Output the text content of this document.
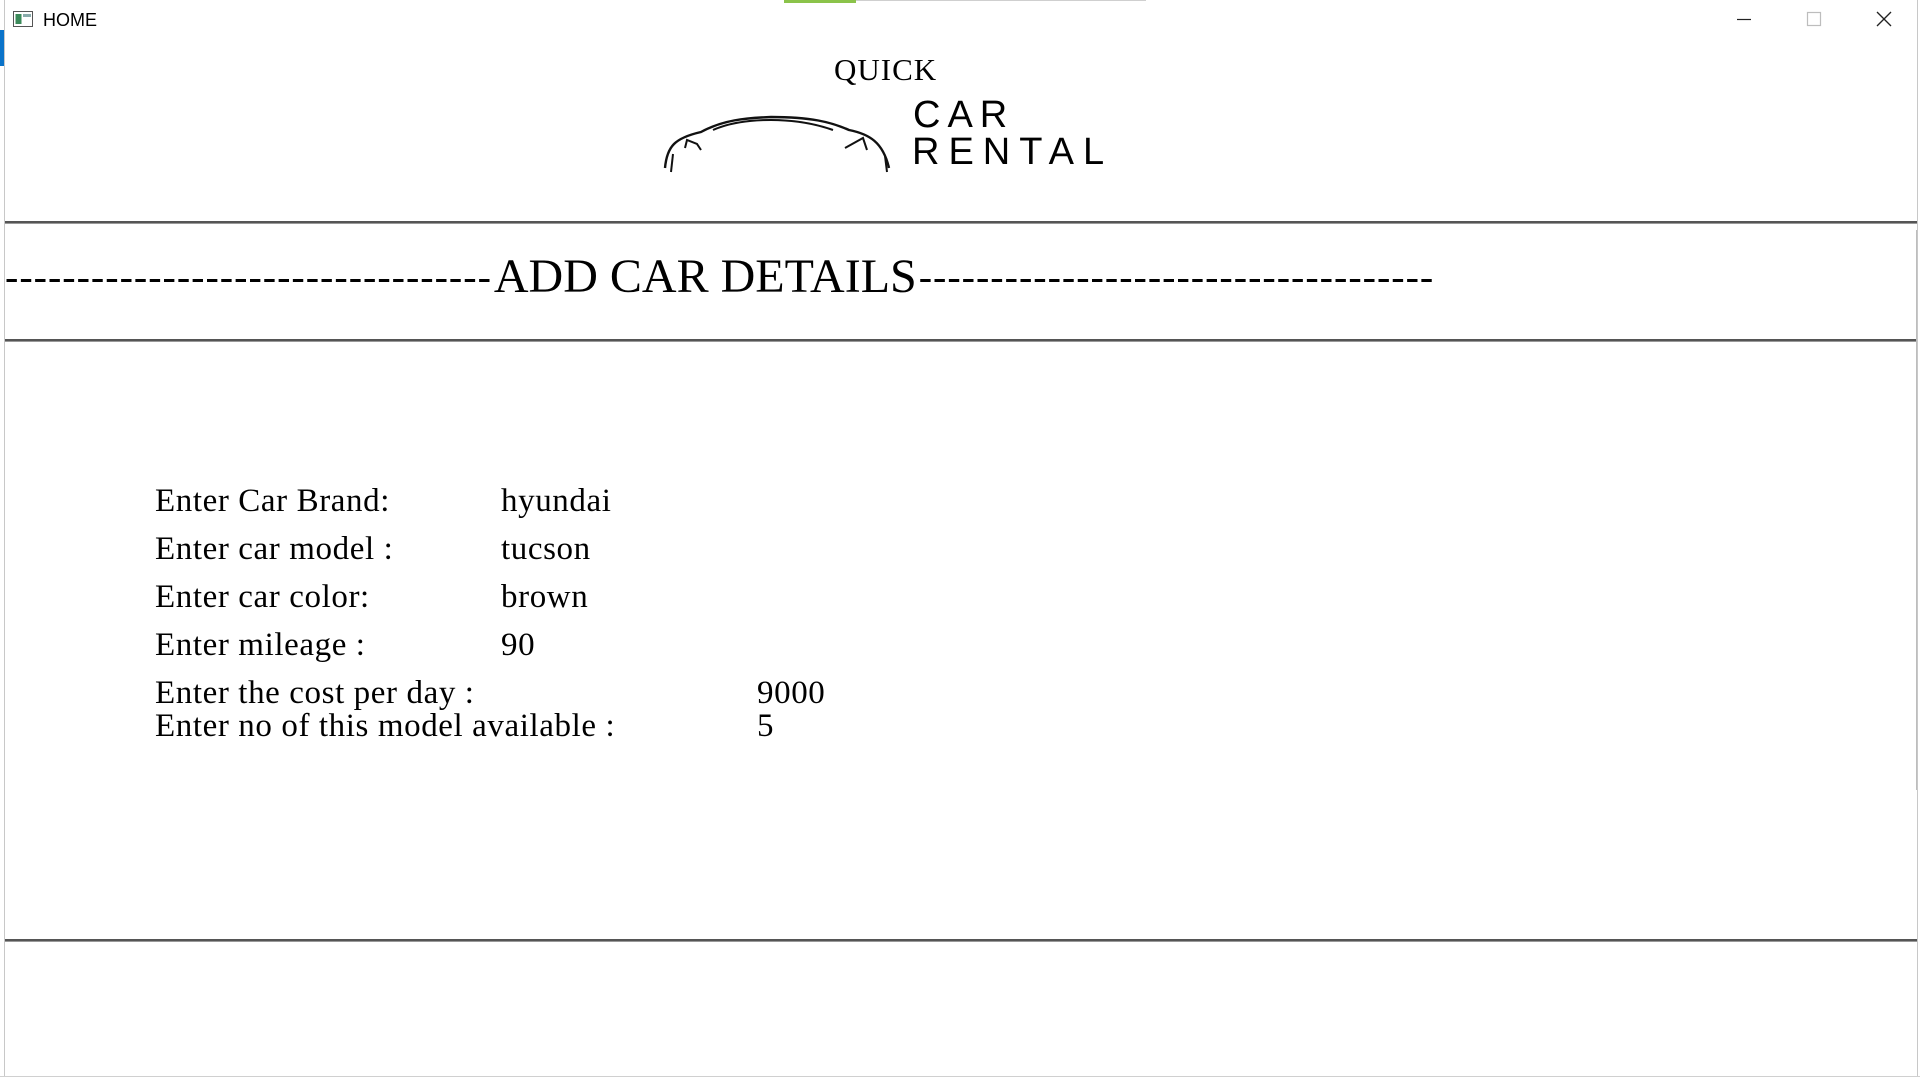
HOME
QUICK
CAR
RENTAL
---------------------------------- ADD CAR DETAILS ------------------------------------
Enter Car Brand:	hyundai
Enter car model :	tucson
Enter car color:	brown
Enter mileage :	90
Enter the cost per day :	9000
Enter no of this model available :	5
